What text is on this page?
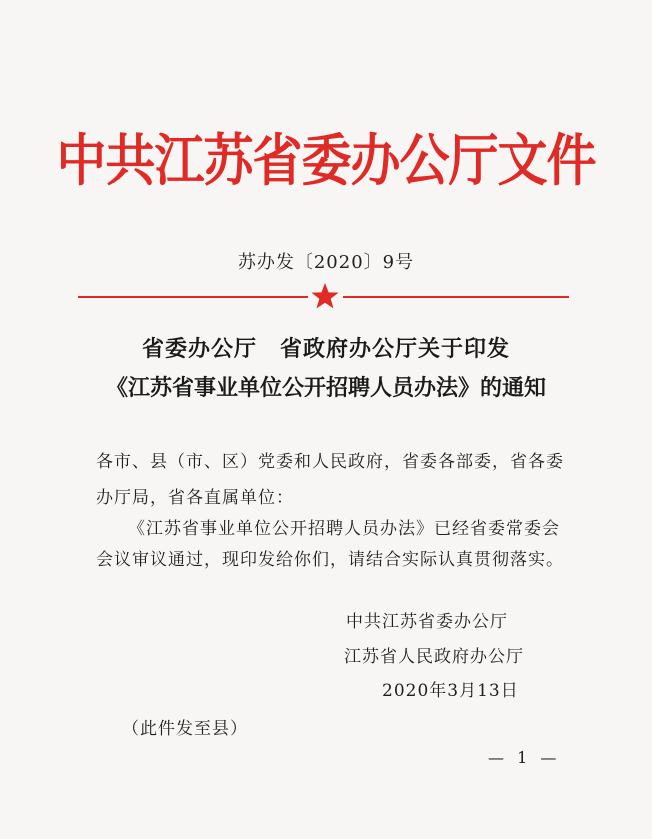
中共江苏省委办公厅文件
苏办发〔2020〕9号
省委办公厅　省政府办公厅关于印发
《江苏省事业单位公开招聘人员办法》的通知
各市、县（市、区）党委和人民政府，省委各部委，省各委
办厅局，省各直属单位：
《江苏省事业单位公开招聘人员办法》已经省委常委会
会议审议通过，现印发给你们，请结合实际认真贯彻落实。
中共江苏省委办公厅
江苏省人民政府办公厅
2020年3月13日
（此件发至县）
— 1 —
